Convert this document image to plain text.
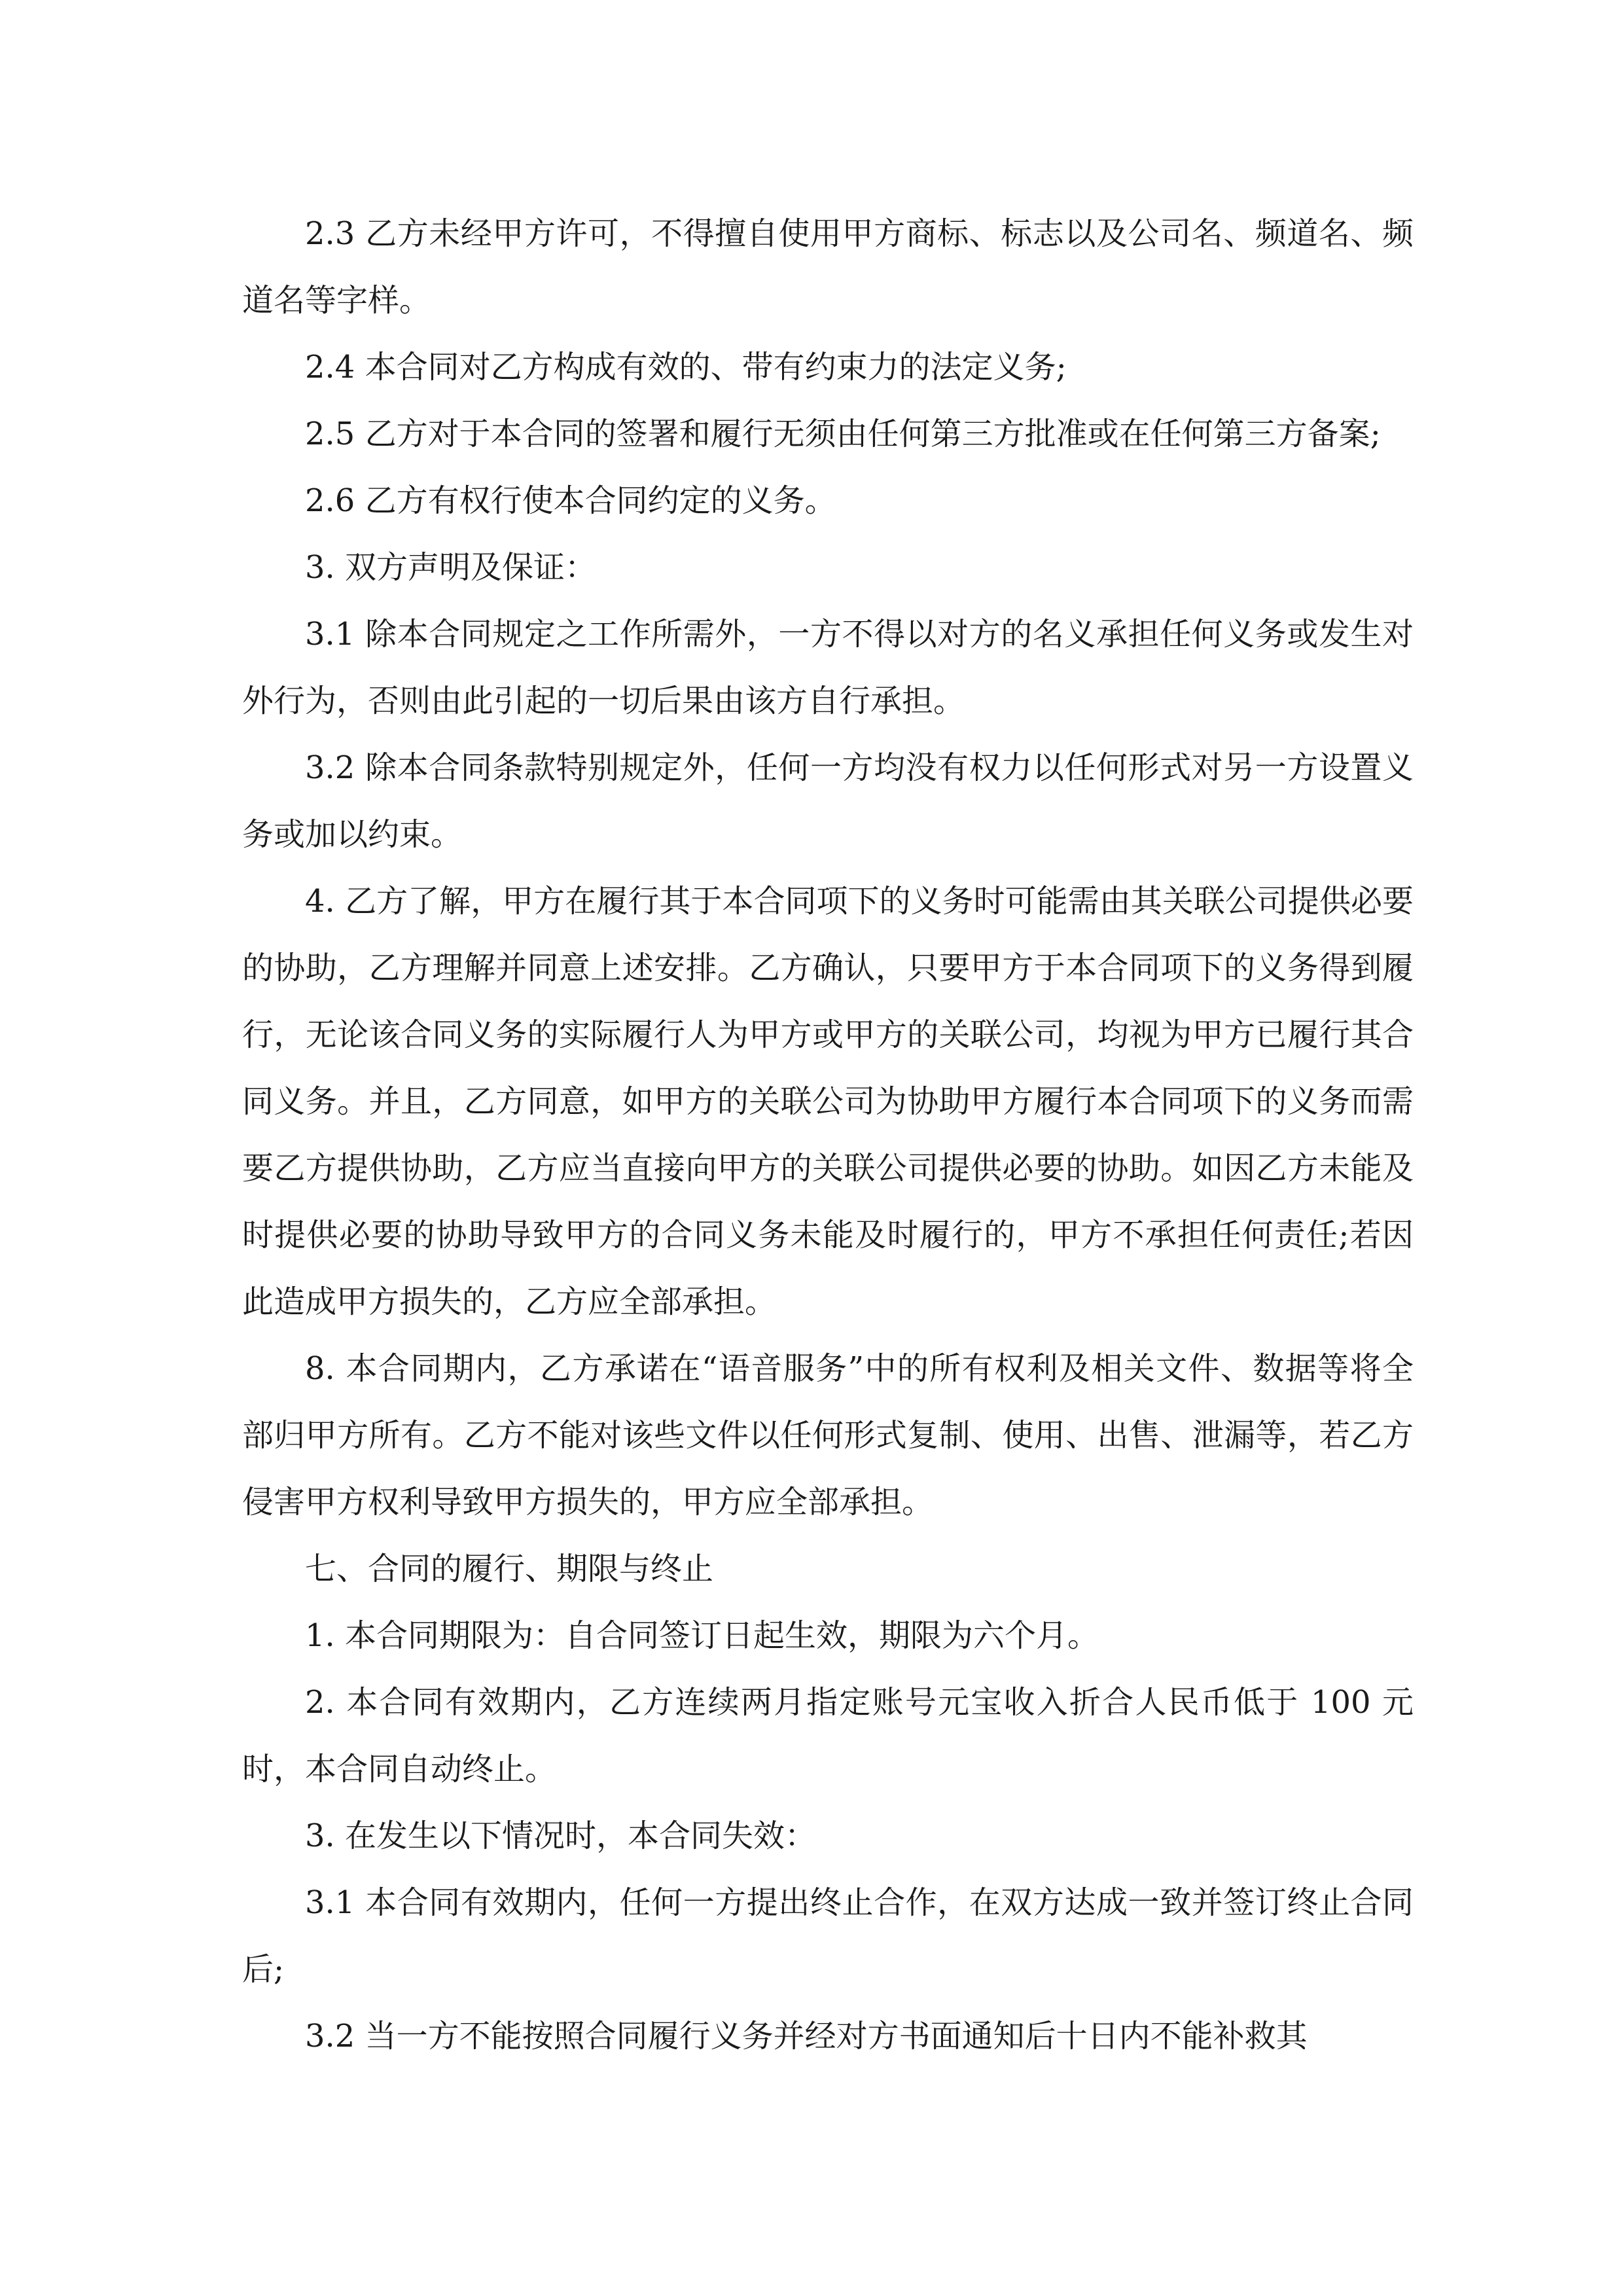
2.3 乙方未经甲方许可，不得擅自使用甲方商标、标志以及公司名、频道名、频道名等字样。

2.4 本合同对乙方构成有效的、带有约束力的法定义务;

2.5 乙方对于本合同的签署和履行无须由任何第三方批准或在任何第三方备案;

2.6 乙方有权行使本合同约定的义务。

3. 双方声明及保证：

3.1 除本合同规定之工作所需外，一方不得以对方的名义承担任何义务或发生对外行为，否则由此引起的一切后果由该方自行承担。

3.2 除本合同条款特别规定外，任何一方均没有权力以任何形式对另一方设置义务或加以约束。

4. 乙方了解，甲方在履行其于本合同项下的义务时可能需由其关联公司提供必要的协助，乙方理解并同意上述安排。乙方确认，只要甲方于本合同项下的义务得到履行，无论该合同义务的实际履行人为甲方或甲方的关联公司，均视为甲方已履行其合同义务。并且，乙方同意，如甲方的关联公司为协助甲方履行本合同项下的义务而需要乙方提供协助，乙方应当直接向甲方的关联公司提供必要的协助。如因乙方未能及时提供必要的协助导致甲方的合同义务未能及时履行的，甲方不承担任何责任;若因此造成甲方损失的，乙方应全部承担。

8. 本合同期内，乙方承诺在“语音服务”中的所有权利及相关文件、数据等将全部归甲方所有。乙方不能对该些文件以任何形式复制、使用、出售、泄漏等，若乙方侵害甲方权利导致甲方损失的，甲方应全部承担。

七、合同的履行、期限与终止

1. 本合同期限为：自合同签订日起生效，期限为六个月。

2. 本合同有效期内，乙方连续两月指定账号元宝收入折合人民币低于 100 元时，本合同自动终止。

3. 在发生以下情况时，本合同失效：

3.1 本合同有效期内，任何一方提出终止合作，在双方达成一致并签订终止合同后;

3.2 当一方不能按照合同履行义务并经对方书面通知后十日内不能补救其
